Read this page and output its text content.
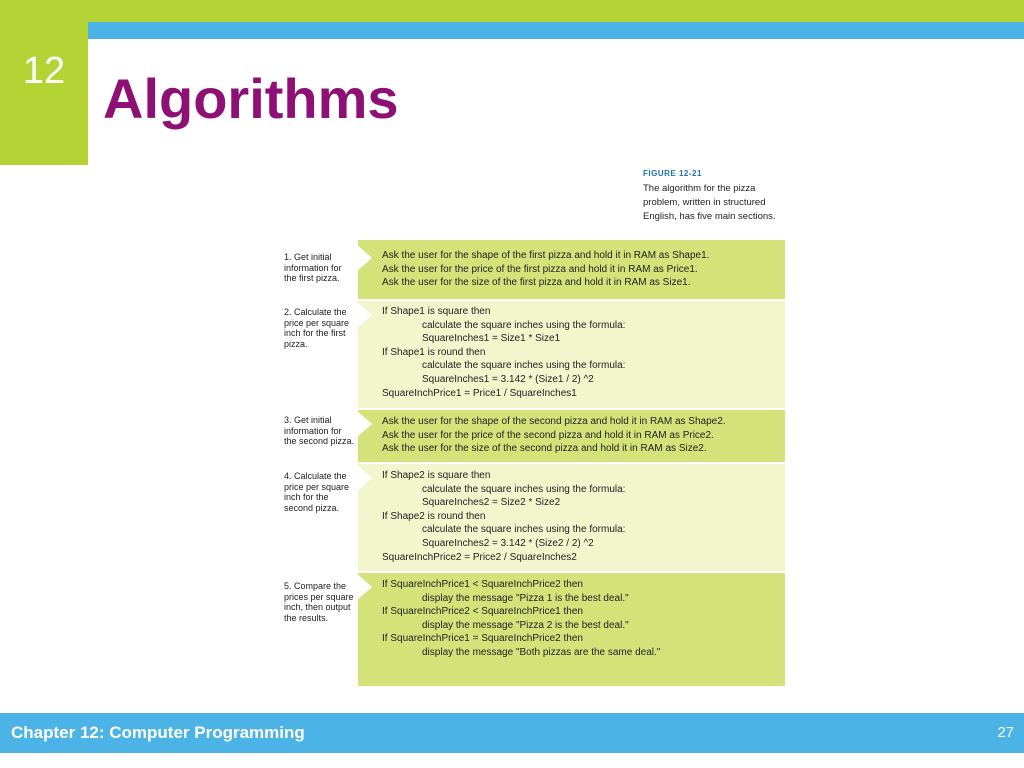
12 Algorithms
FIGURE 12-21
The algorithm for the pizza problem, written in structured English, has five main sections.
1. Get initial information for the first pizza.
Ask the user for the shape of the first pizza and hold it in RAM as Shape1.
Ask the user for the price of the first pizza and hold it in RAM as Price1.
Ask the user for the size of the first pizza and hold it in RAM as Size1.
2. Calculate the price per square inch for the first pizza.
If Shape1 is square then
calculate the square inches using the formula:
SquareInches1 = Size1 * Size1
If Shape1 is round then
calculate the square inches using the formula:
SquareInches1 = 3.142 * (Size1 / 2) ^2
SquareInchPrice1 = Price1 / SquareInches1
3. Get initial information for the second pizza.
Ask the user for the shape of the second pizza and hold it in RAM as Shape2.
Ask the user for the price of the second pizza and hold it in RAM as Price2.
Ask the user for the size of the second pizza and hold it in RAM as Size2.
4. Calculate the price per square inch for the second pizza.
If Shape2 is square then
calculate the square inches using the formula:
SquareInches2 = Size2 * Size2
If Shape2 is round then
calculate the square inches using the formula:
SquareInches2 = 3.142 * (Size2 / 2) ^2
SquareInchPrice2 = Price2 / SquareInches2
5. Compare the prices per square inch, then output the results.
If SquareInchPrice1 < SquareInchPrice2 then
display the message "Pizza 1 is the best deal."
If SquareInchPrice2 < SquareInchPrice1 then
display the message "Pizza 2 is the best deal."
If SquareInchPrice1 = SquareInchPrice2 then
display the message "Both pizzas are the same deal."
Chapter 12: Computer Programming	27
